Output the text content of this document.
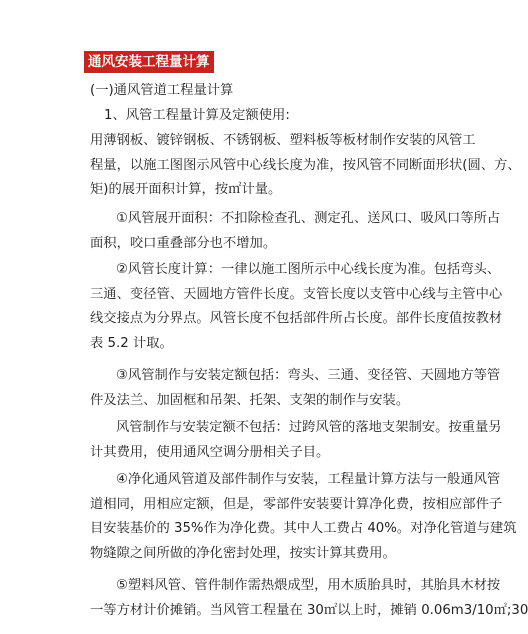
通风安装工程量计算

(一)通风管道工程量计算

1、风管工程量计算及定额使用:

用薄钢板、镀锌钢板、不锈钢板、塑料板等板材制作安装的风管工
程量，以施工图图示风管中心线长度为准，按风管不同断面形状(圆、方、
矩)的展开面积计算，按㎡计量。

①风管展开面积：不扣除检查孔、测定孔、送风口、吸风口等所占
面积，咬口重叠部分也不增加。

②风管长度计算：一律以施工图所示中心线长度为准。包括弯头、
三通、变径管、天圆地方管件长度。支管长度以支管中心线与主管中心
线交接点为分界点。风管长度不包括部件所占长度。部件长度值按教材
表 5.2 计取。

③风管制作与安装定额包括：弯头、三通、变径管、天圆地方等管
件及法兰、加固框和吊架、托架、支架的制作与安装。

风管制作与安装定额不包括：过跨风管的落地支架制安。按重量另
计其费用，使用通风空调分册相关子目。

④净化通风管道及部件制作与安装，工程量计算方法与一般通风管
道相同，用相应定额，但是，零部件安装要计算净化费，按相应部件子
目安装基价的 35%作为净化费。其中人工费占 40%。对净化管道与建筑
物缝隙之间所做的净化密封处理，按实计算其费用。

⑤塑料风管、管件制作需热煨成型，用木质胎具时，其胎具木材按
一等方材计价摊销。当风管工程量在 30㎡以上时，摊销 0.06m3/10㎡;30
